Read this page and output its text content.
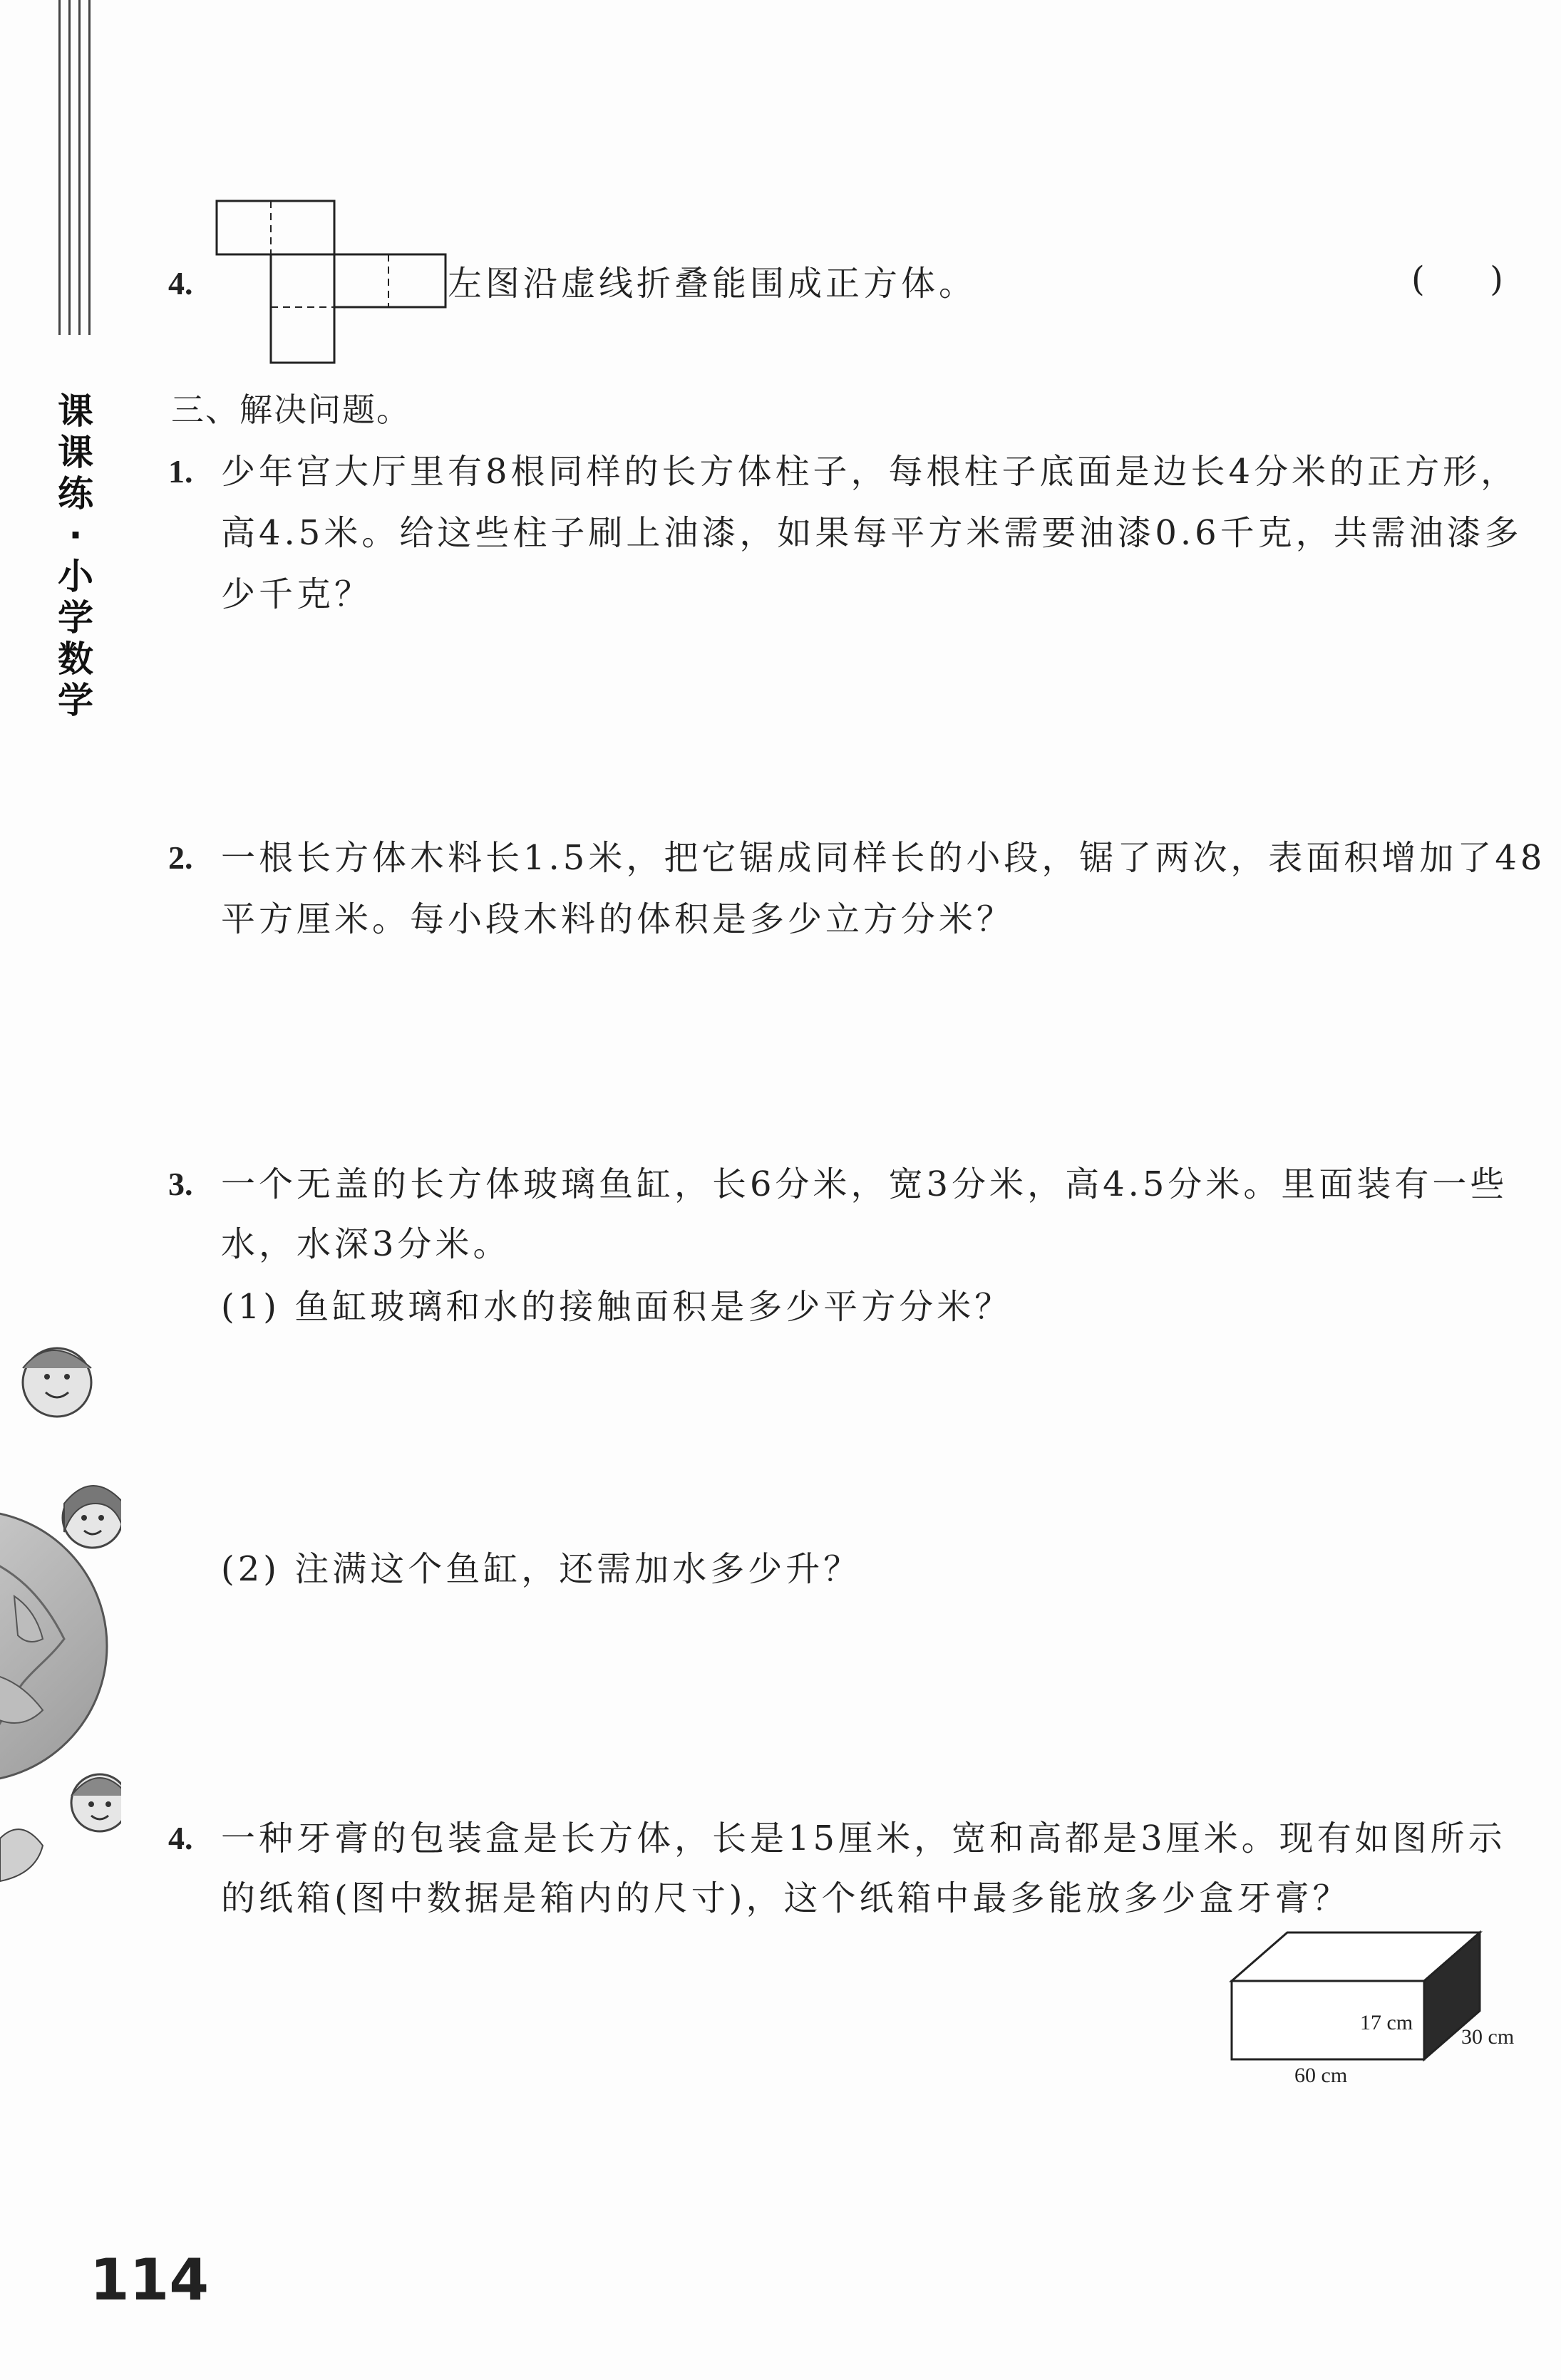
课
课
练
·
小
学
数
学
4.	左图沿虚线折叠能围成正方体。	(      )
三、解决问题。
1. 少年宫大厅里有8根同样的长方体柱子，每根柱子底面是边长4分米的正方形，
高4.5米。给这些柱子刷上油漆，如果每平方米需要油漆0.6千克，共需油漆多
少千克？
2. 一根长方体木料长1.5米，把它锯成同样长的小段，锯了两次，表面积增加了48
平方厘米。每小段木料的体积是多少立方分米？
3. 一个无盖的长方体玻璃鱼缸，长6分米，宽3分米，高4.5分米。里面装有一些
水，水深3分米。
(1) 鱼缸玻璃和水的接触面积是多少平方分米？
(2) 注满这个鱼缸，还需加水多少升？
4. 一种牙膏的包装盒是长方体，长是15厘米，宽和高都是3厘米。现有如图所示
的纸箱(图中数据是箱内的尺寸)，这个纸箱中最多能放多少盒牙膏？
17 cm
30 cm
60 cm
114
